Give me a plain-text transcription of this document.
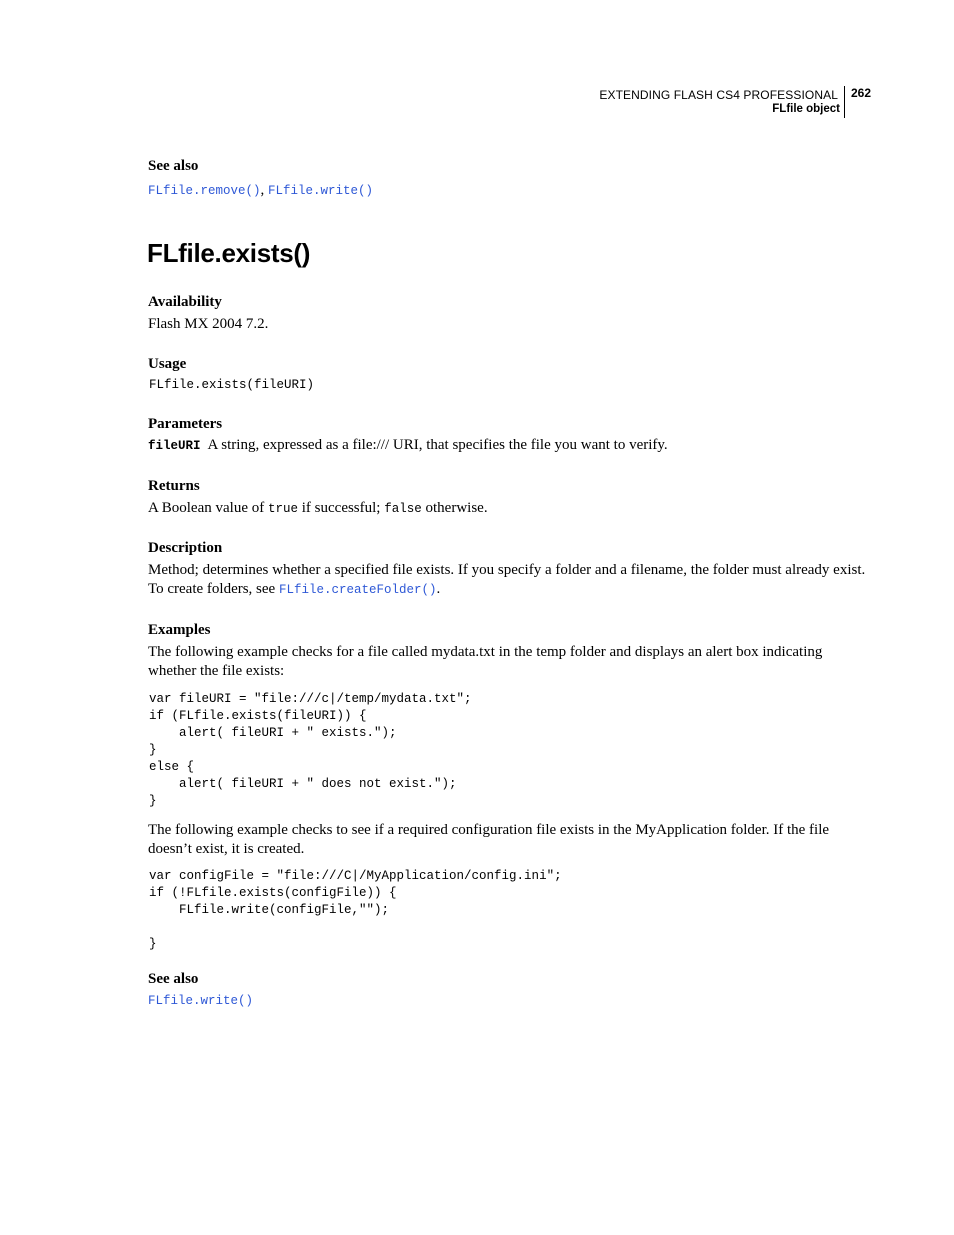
EXTENDING FLASH CS4 PROFESSIONAL
FLfile object
262
See also
FLfile.remove(), FLfile.write()
FLfile.exists()
Availability
Flash MX 2004 7.2.
Usage
FLfile.exists(fileURI)
Parameters
fileURI A string, expressed as a file:/// URI, that specifies the file you want to verify.
Returns
A Boolean value of true if successful; false otherwise.
Description
Method; determines whether a specified file exists. If you specify a folder and a filename, the folder must already exist.
To create folders, see FLfile.createFolder().
Examples
The following example checks for a file called mydata.txt in the temp folder and displays an alert box indicating
whether the file exists:
var fileURI = "file:///c|/temp/mydata.txt";
if (FLfile.exists(fileURI)) {
alert( fileURI + " exists.");
}
else {
alert( fileURI + " does not exist.");
}
The following example checks to see if a required configuration file exists in the MyApplication folder. If the file
doesn’t exist, it is created.
var configFile = "file:///C|/MyApplication/config.ini";
if (!FLfile.exists(configFile)) {
FLfile.write(configFile,"");

}
See also
FLfile.write()
